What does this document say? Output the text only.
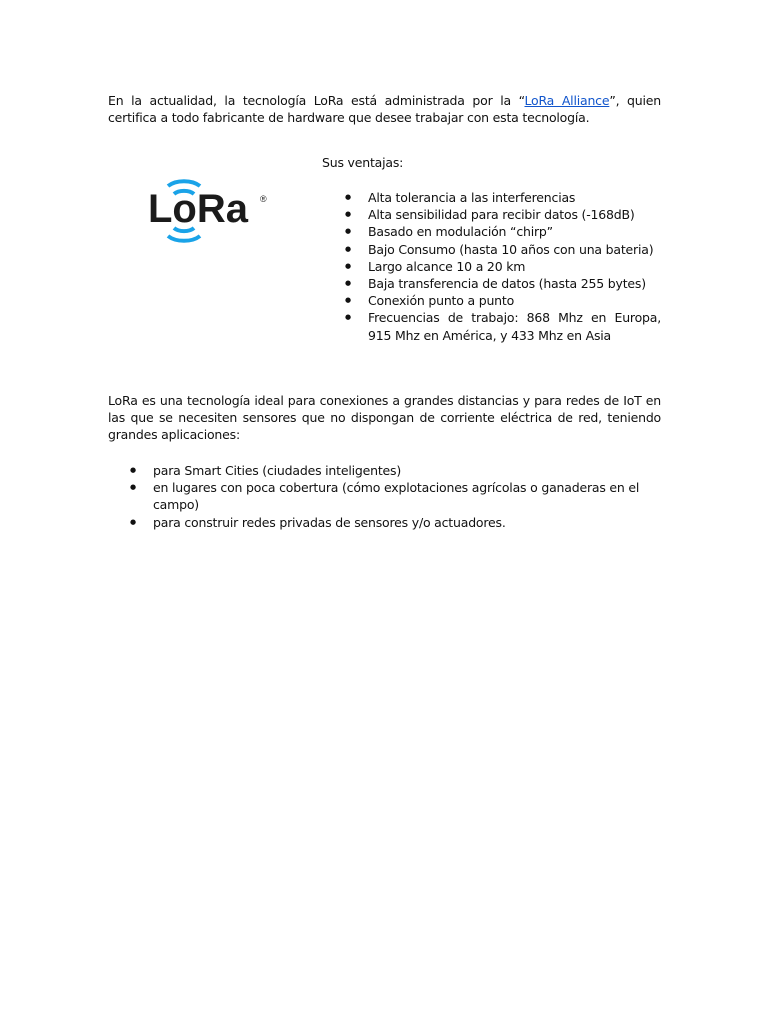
En la actualidad, la tecnología LoRa está administrada por la “LoRa Alliance”, quien certifica a todo fabricante de hardware que desee trabajar con esta tecnología.

LoRa ®
Sus ventajas:
● Alta tolerancia a las interferencias
● Alta sensibilidad para recibir datos (-168dB)
● Basado en modulación “chirp”
● Bajo Consumo (hasta 10 años con una bateria)
● Largo alcance 10 a 20 km
● Baja transferencia de datos (hasta 255 bytes)
● Conexión punto a punto
● Frecuencias de trabajo: 868 Mhz en Europa, 915 Mhz en América, y 433 Mhz en Asia

LoRa es una tecnología ideal para conexiones a grandes distancias y para redes de IoT en las que se necesiten sensores que no dispongan de corriente eléctrica de red, teniendo grandes aplicaciones:

● para Smart Cities (ciudades inteligentes)
● en lugares con poca cobertura (cómo explotaciones agrícolas o ganaderas en el campo)
● para construir redes privadas de sensores y/o actuadores.
